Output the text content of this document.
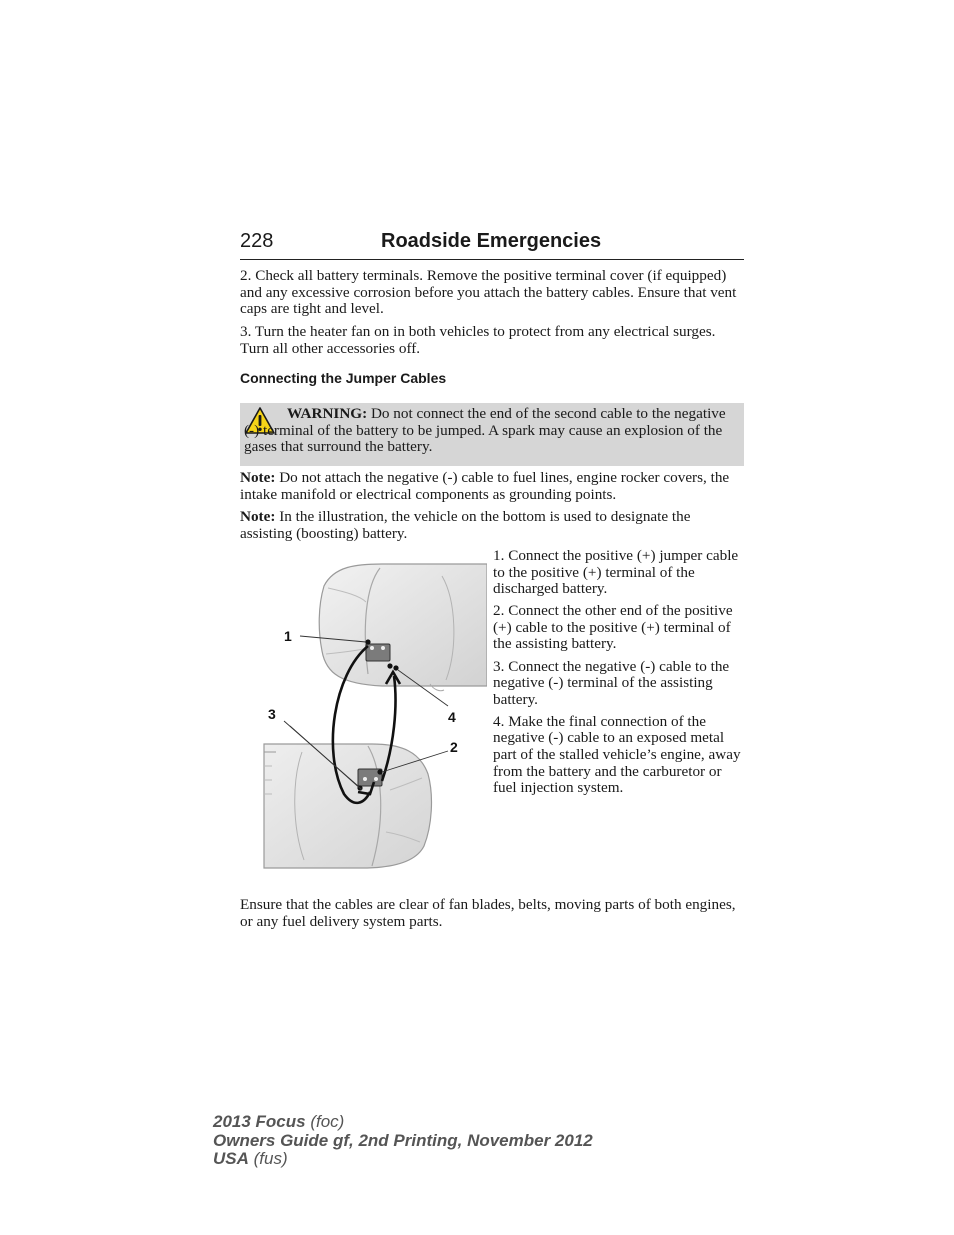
228	Roadside Emergencies

2. Check all battery terminals. Remove the positive terminal cover (if equipped) and any excessive corrosion before you attach the battery cables. Ensure that vent caps are tight and level.

3. Turn the heater fan on in both vehicles to protect from any electrical surges. Turn all other accessories off.

Connecting the Jumper Cables

WARNING: Do not connect the end of the second cable to the negative (-) terminal of the battery to be jumped. A spark may cause an explosion of the gases that surround the battery.

Note: Do not attach the negative (-) cable to fuel lines, engine rocker covers, the intake manifold or electrical components as grounding points.

Note: In the illustration, the vehicle on the bottom is used to designate the assisting (boosting) battery.

1
2
3	4

1. Connect the positive (+) jumper cable to the positive (+) terminal of the discharged battery.

2. Connect the other end of the positive (+) cable to the positive (+) terminal of the assisting battery.

3. Connect the negative (-) cable to the negative (-) terminal of the assisting battery.

4. Make the final connection of the negative (-) cable to an exposed metal part of the stalled vehicle’s engine, away from the battery and the carburetor or fuel injection system.

Ensure that the cables are clear of fan blades, belts, moving parts of both engines, or any fuel delivery system parts.

2013 Focus (foc)
Owners Guide gf, 2nd Printing, November 2012
USA (fus)
